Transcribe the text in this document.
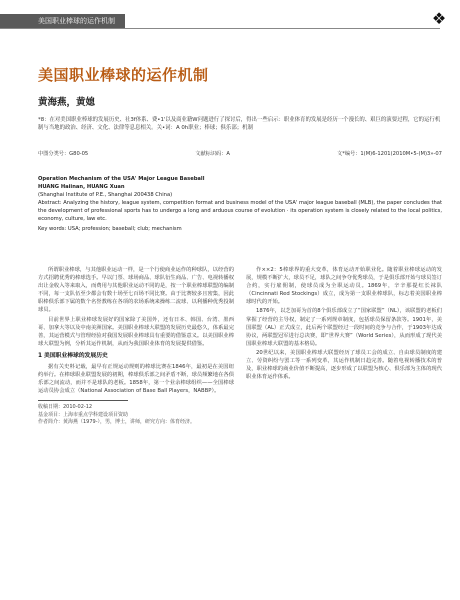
美国职业棒球的运作机制	❖
美国职业棒球的运作机制
黄海燕，黄媳

*8：在对美国职业棒球的发展历史、社3f体系、费•1'以及商业籍W问题进行了探讨后，得出一些启示：职业体育的发展是经历一个漫长的、艰巨的演要过程，它的运行机制与当地的政治、经济、文化、法律等息息相关。关•词：A 0h职业；棒球；俱乐部；机制

中图分类号：G80-05	文献标识码：A	文*编号：1(M)6-1201(2010M•5-(M)3»-07
Operation Mechanism of the USA' Major League Baseball
HUANG Haiinan, HUANG Xuan
(Shanghai Institute of P.E., Shanghai 200438 China)
Abstract: Analyzing the history, league system, competition format and business model of the USA' major league baseball (MLB), the paper concludes that the development of professional sports has to undergo a long and arduous course of evolution · its operation system is closely related to the local politics, economy, culture, law etc.
Key words: USA; profession; baseball; club; mechanism

所谓职业棒球，与其他职业运动一样，是一个行使商业运作的种球队，以经营的方式招聘优秀的棒球选手。早以门票、球场商品、球队衍生商品、广告、电视转播权出让金收入等来取入，而费用与其他职业运动不同的是，按一个职业棒球联盟的编制不同，每一支队伍至少都会有数十场至七百场不同比赛。由于比赛较多且密集，因此职棒俱乐部下属的数个名誉教练在各项的农场系统来操练二流球、以利播种优秀投制球员。

目前世界上职业棒球发展好的国家除了美国外，还有日本、韩国、台湾、墨西哥、加拿大等以及中南美洲国家。美国职业棒球大联盟的发展历史最悠久，体系最完善，其运营模式与管理经验对我国发展职业棒球具有重要的借鉴意义。以美国职业棒球大联盟为例，分析其运作机制，从而为我国职业体育的发展提供借鉴。

1 美国职业棒球的发展历史

据有关史料记载，最早有正规运动规则的棒球比赛在1846年，最初是在美国纽约举行。在棒球职业联盟发展的初期，棒球俱乐部之间矛盾不断，球员频繁地在各俱乐部之间流动，而并不是球队的老板。1858年，第一个业余棒球组织——全国棒球运动员协会成立（National Association of Base Ball Players，NABBP）。

收稿日期：2010-02-12
基金项目：上海市重点学科建设项目资助
作者简介：黄海燕（1979-），男，博士，讲师，研究方向：体育经济。

作××2：5棒球界的重大变革，体育运动开始职业化。随着职业棒球运动的发展，规模不断扩大，球员不足，球队之间争夺优秀球员，于是俱乐部开始与球员签订合约，实行雇佣制，使球员成为全职运动员。1869年，辛辛那提红长袜队（Cincinnati Red Stockings）成立，成为第一支职业棒球队，标志着美国职业棒球时代的开始。

1876年，以芝加哥为首的8个俱乐部成立了“国家联盟”（NL），该联盟的老板们掌握了经营的主导权，制定了一系列规章制度，包括球员保留条款等。1901年，美国联盟（AL）正式成立，此后两个联盟经过一段时间的竞争与合作，于1903年达成协议，两联盟冠军进行总决赛，即“世界大赛”（World Series），从而形成了现代美国职业棒球大联盟的基本格局。

20世纪以来，美国职业棒球大联盟经历了球员工会的成立、自由球员制度的建立、劳资纠纷与罢工等一系列变革，其运作机制日趋完善。随着电视转播技术的普及，职业棒球的商业价值不断提高，逐步形成了以联盟为核心、俱乐部为主体的现代职业体育运作体系。
